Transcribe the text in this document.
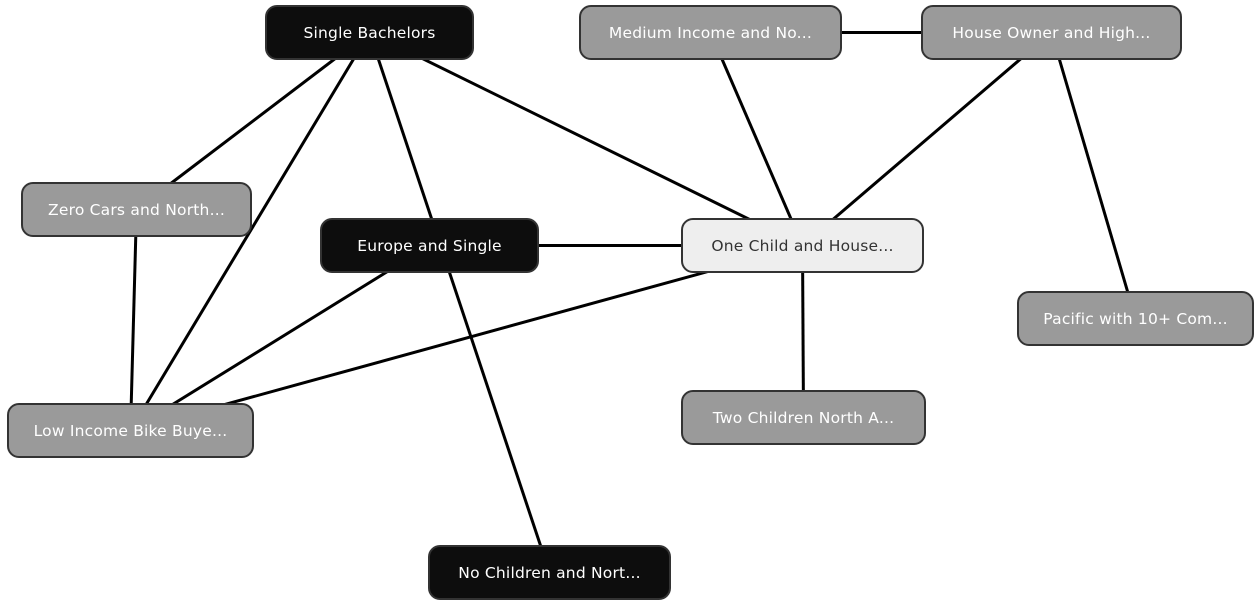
Single Bachelors	Medium Income and No...	House Owner and High...
Zero Cars and North...
Europe and Single	One Child and House...
Pacific with 10+ Com...
Two Children North A...
Low Income Bike Buye...
No Children and Nort...
